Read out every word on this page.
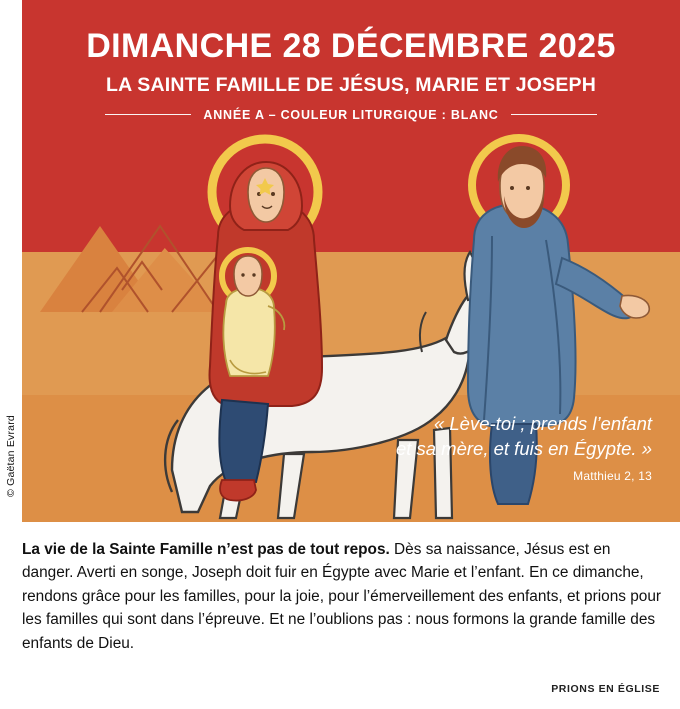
© Gaëtan Evrard
DIMANCHE 28 DÉCEMBRE 2025
LA SAINTE FAMILLE DE JÉSUS, MARIE ET JOSEPH
ANNÉE A – COULEUR LITURGIQUE : BLANC

« Lève-toi ; prends l’enfant

et sa mère, et fuis en Égypte. »

Matthieu 2, 13
La vie de la Sainte Famille n’est pas de tout repos. Dès sa naissance, Jésus est en danger. Averti en songe, Joseph doit fuir en Égypte avec Marie et l’enfant. En ce dimanche, rendons grâce pour les familles, pour la joie, pour l’émerveillement des enfants, et prions pour les familles qui sont dans l’épreuve. Et ne l’oublions pas : nous formons la grande famille des enfants de Dieu.
PRIONS EN ÉGLISE
